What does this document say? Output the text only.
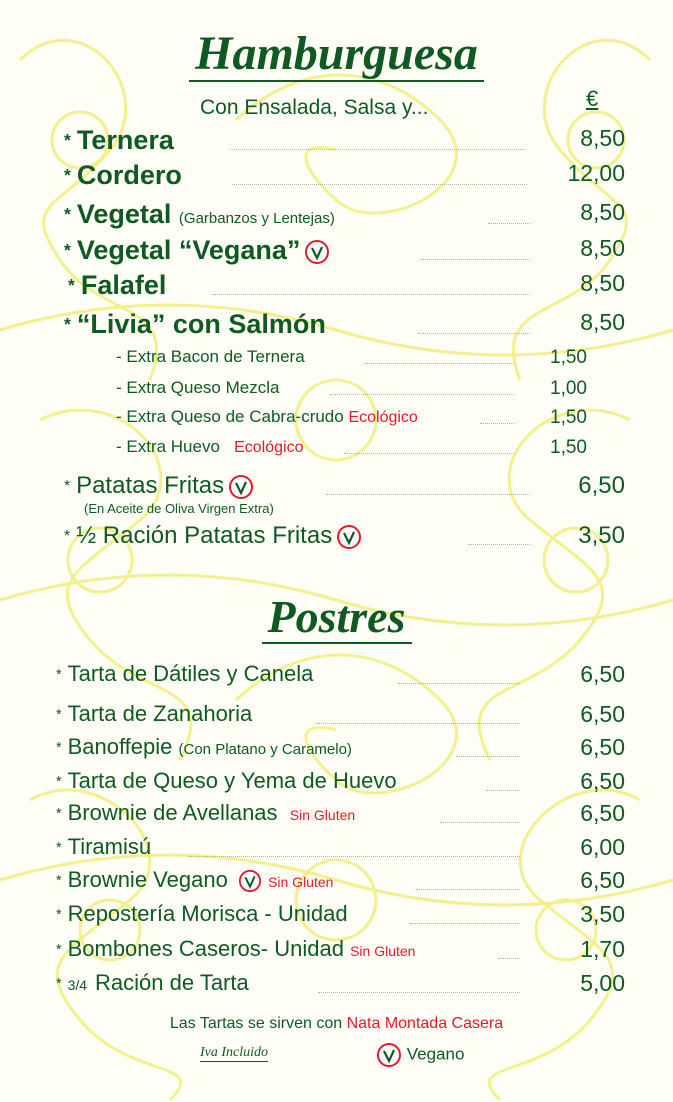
Hamburguesa
Con Ensalada, Salsa y...	€
* Ternera	8,50
* Cordero	12,00
* Vegetal (Garbanzos y Lentejas)	8,50
* Vegetal “Vegana”	8,50
* Falafel	8,50
* “Livia” con Salmón	8,50
- Extra Bacon de Ternera	1,50
- Extra Queso Mezcla	1,00
- Extra Queso de Cabra-crudo Ecológico	1,50
- Extra Huevo Ecológico	1,50
* Patatas Fritas	6,50
(En Aceite de Oliva Virgen Extra)
* ½ Ración Patatas Fritas	3,50
Postres
* Tarta de Dátiles y Canela	6,50
* Tarta de Zanahoria	6,50
* Banoffepie (Con Platano y Caramelo)	6,50
* Tarta de Queso y Yema de Huevo	6,50
* Brownie de Avellanas Sin Gluten	6,50
* Tiramisú	6,00
* Brownie Vegano	Sin Gluten	6,50
* Repostería Morisca - Unidad	3,50
* Bombones Caseros- Unidad Sin Gluten	1,70
* 3/4 Ración de Tarta	5,00
Las Tartas se sirven con Nata Montada Casera
Iva Incluido	Vegano
